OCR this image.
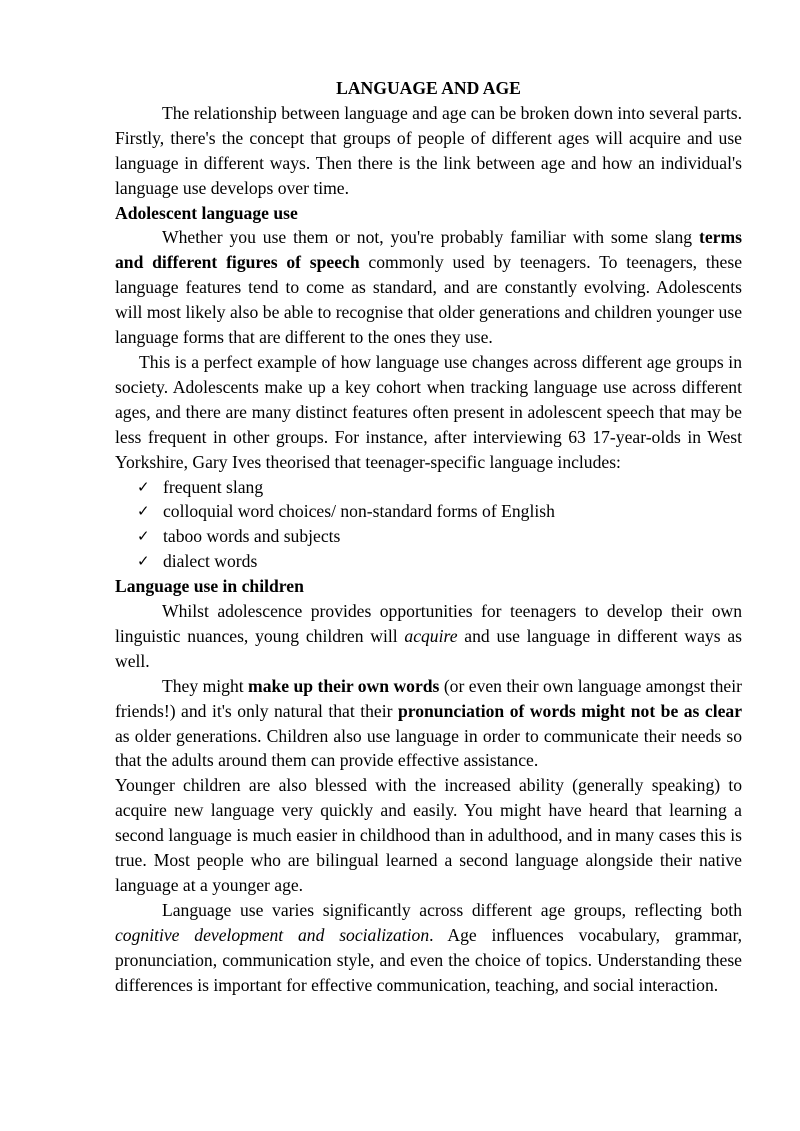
LANGUAGE AND AGE

The relationship between language and age can be broken down into several parts. Firstly, there's the concept that groups of people of different ages will acquire and use language in different ways. Then there is the link between age and how an individual's language use develops over time.

Adolescent language use

Whether you use them or not, you're probably familiar with some slang terms and different figures of speech commonly used by teenagers. To teenagers, these language features tend to come as standard, and are constantly evolving. Adolescents will most likely also be able to recognise that older generations and children younger use language forms that are different to the ones they use.

This is a perfect example of how language use changes across different age groups in society. Adolescents make up a key cohort when tracking language use across different ages, and there are many distinct features often present in adolescent speech that may be less frequent in other groups. For instance, after interviewing 63 17-year-olds in West Yorkshire, Gary Ives theorised that teenager-specific language includes:

✓ frequent slang
✓ colloquial word choices/ non-standard forms of English
✓ taboo words and subjects
✓ dialect words
Language use in children

Whilst adolescence provides opportunities for teenagers to develop their own linguistic nuances, young children will acquire and use language in different ways as well.

They might make up their own words (or even their own language amongst their friends!) and it's only natural that their pronunciation of words might not be as clear as older generations. Children also use language in order to communicate their needs so that the adults around them can provide effective assistance.

Younger children are also blessed with the increased ability (generally speaking) to acquire new language very quickly and easily. You might have heard that learning a second language is much easier in childhood than in adulthood, and in many cases this is true. Most people who are bilingual learned a second language alongside their native language at a younger age.

Language use varies significantly across different age groups, reflecting both cognitive development and socialization. Age influences vocabulary, grammar, pronunciation, communication style, and even the choice of topics. Understanding these differences is important for effective communication, teaching, and social interaction.
